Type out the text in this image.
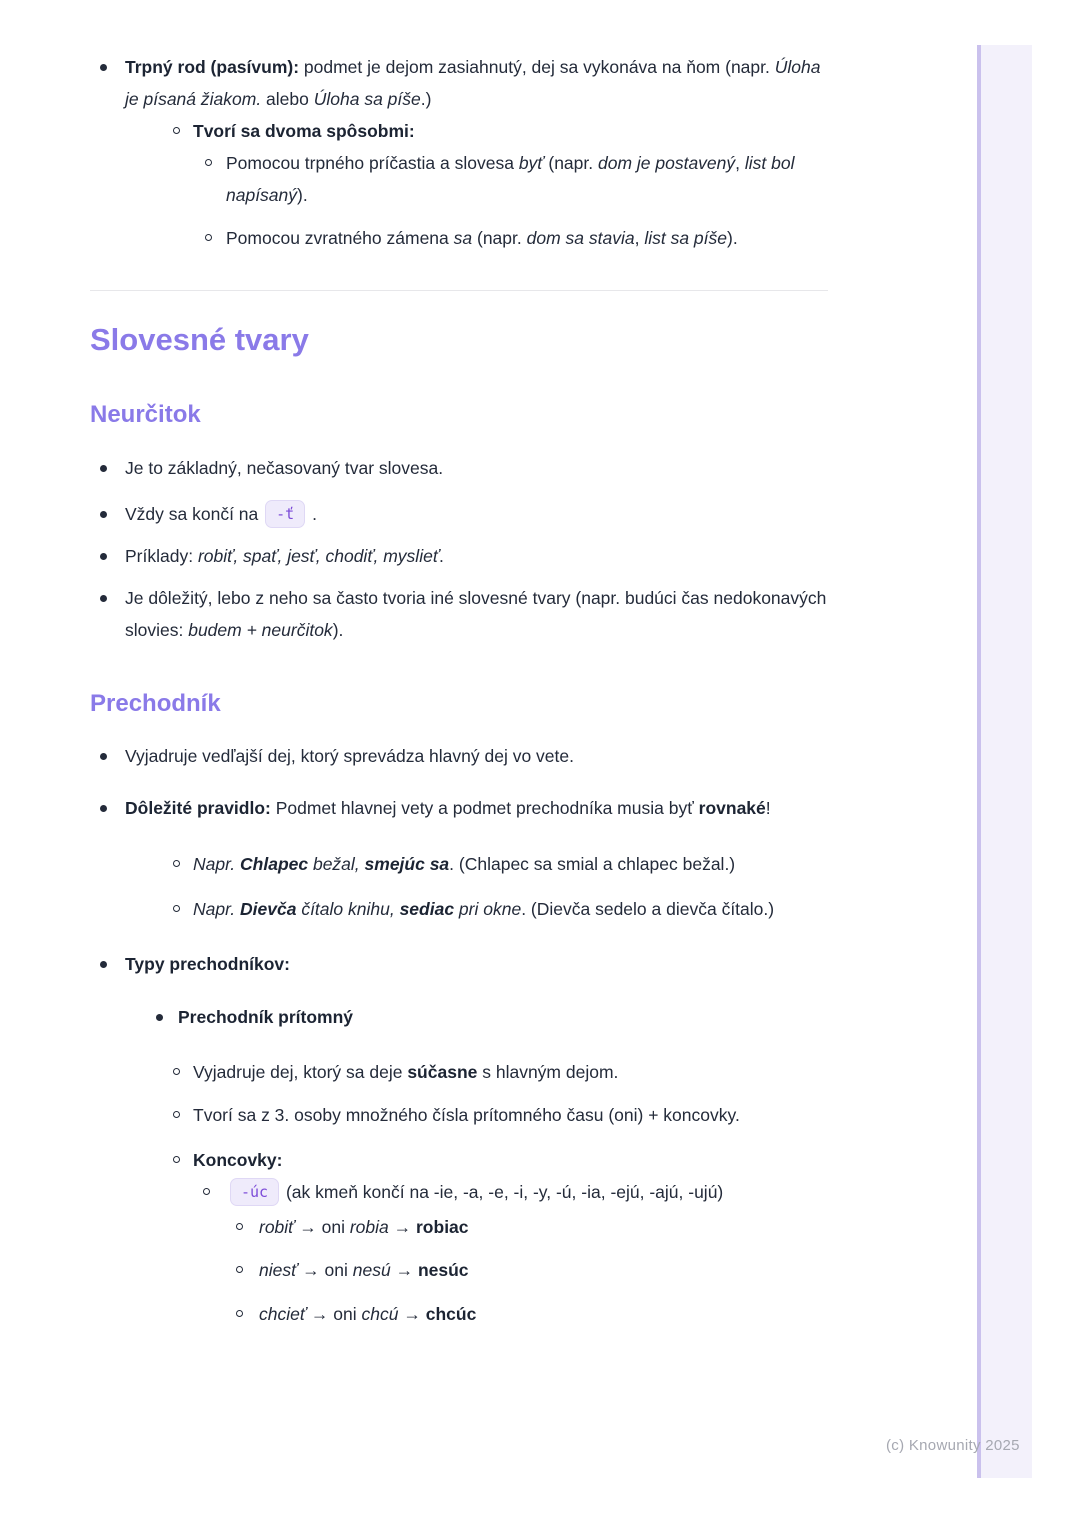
Trpný rod (pasívum): podmet je dejom zasiahnutý, dej sa vykonáva na ňom (napr. Úloha je písaná žiakom. alebo Úloha sa píše.)
Tvorí sa dvoma spôsobmi:
Pomocou trpného príčastia a slovesa byť (napr. dom je postavený, list bol napísaný).
Pomocou zvratného zámena sa (napr. dom sa stavia, list sa píše).
Slovesné tvary
Neurčitok
Je to základný, nečasovaný tvar slovesa.
Vždy sa končí na -ť .
Príklady: robiť, spať, jesť, chodiť, myslieť.
Je dôležitý, lebo z neho sa často tvoria iné slovesné tvary (napr. budúci čas nedokonavých slovies: budem + neurčitok).
Prechodník
Vyjadruje vedľajší dej, ktorý sprevádza hlavný dej vo vete.
Dôležité pravidlo: Podmet hlavnej vety a podmet prechodníka musia byť rovnaké!
Napr. Chlapec bežal, smejúc sa. (Chlapec sa smial a chlapec bežal.)
Napr. Dievča čítalo knihu, sediac pri okne. (Dievča sedelo a dievča čítalo.)
Typy prechodníkov:
Prechodník prítomný
Vyjadruje dej, ktorý sa deje súčasne s hlavným dejom.
Tvorí sa z 3. osoby množného čísla prítomného času (oni) + koncovky.
Koncovky:
-úc (ak kmeň končí na -ie, -a, -e, -i, -y, -ú, -ia, -ejú, -ajú, -ujú)
robiť → oni robia → robiac
niesť → oni nesú → nesúc
chcieť → oni chcú → chcúc
(c) Knowunity 2025
